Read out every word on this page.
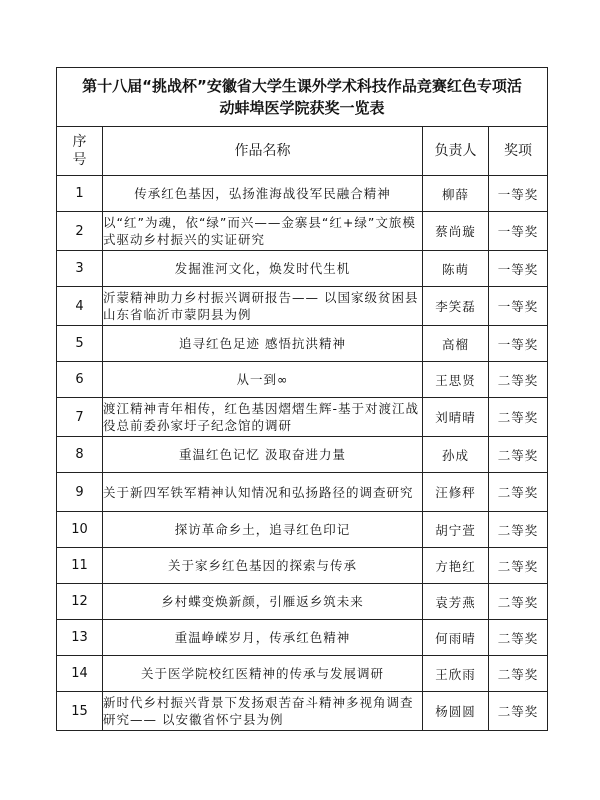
第十八届“挑战杯”安徽省大学生课外学术科技作品竞赛红色专项活
动蚌埠医学院获奖一览表			
序
号	作品名称	负责人	奖项
1	传承红色基因，弘扬淮海战役军民融合精神	柳薛	一等奖
2	以“红”为魂，依“绿”而兴——金寨县“红+绿”文旅模式驱动乡村振兴的实证研究	蔡尚璇	一等奖
3	发掘淮河文化，焕发时代生机	陈萌	一等奖
4	沂蒙精神助力乡村振兴调研报告—— 以国家级贫困县山东省临沂市蒙阴县为例	李笑磊	一等奖
5	追寻红色足迹 感悟抗洪精神	高榴	一等奖
6	从一到∞	王思贤	二等奖
7	渡江精神青年相传，红色基因熠熠生辉-基于对渡江战役总前委孙家圩子纪念馆的调研	刘晴晴	二等奖
8	重温红色记忆 汲取奋进力量	孙成	二等奖
9	关于新四军铁军精神认知情况和弘扬路径的调查研究	汪修秤	二等奖
10	探访革命乡土，追寻红色印记	胡宁萱	二等奖
11	关于家乡红色基因的探索与传承	方艳红	二等奖
12	乡村蝶变焕新颜，引雁返乡筑未来	袁芳燕	二等奖
13	重温峥嵘岁月，传承红色精神	何雨晴	二等奖
14	关于医学院校红医精神的传承与发展调研	王欣雨	二等奖
15	新时代乡村振兴背景下发扬艰苦奋斗精神多视角调查研究—— 以安徽省怀宁县为例	杨圆圆	二等奖
